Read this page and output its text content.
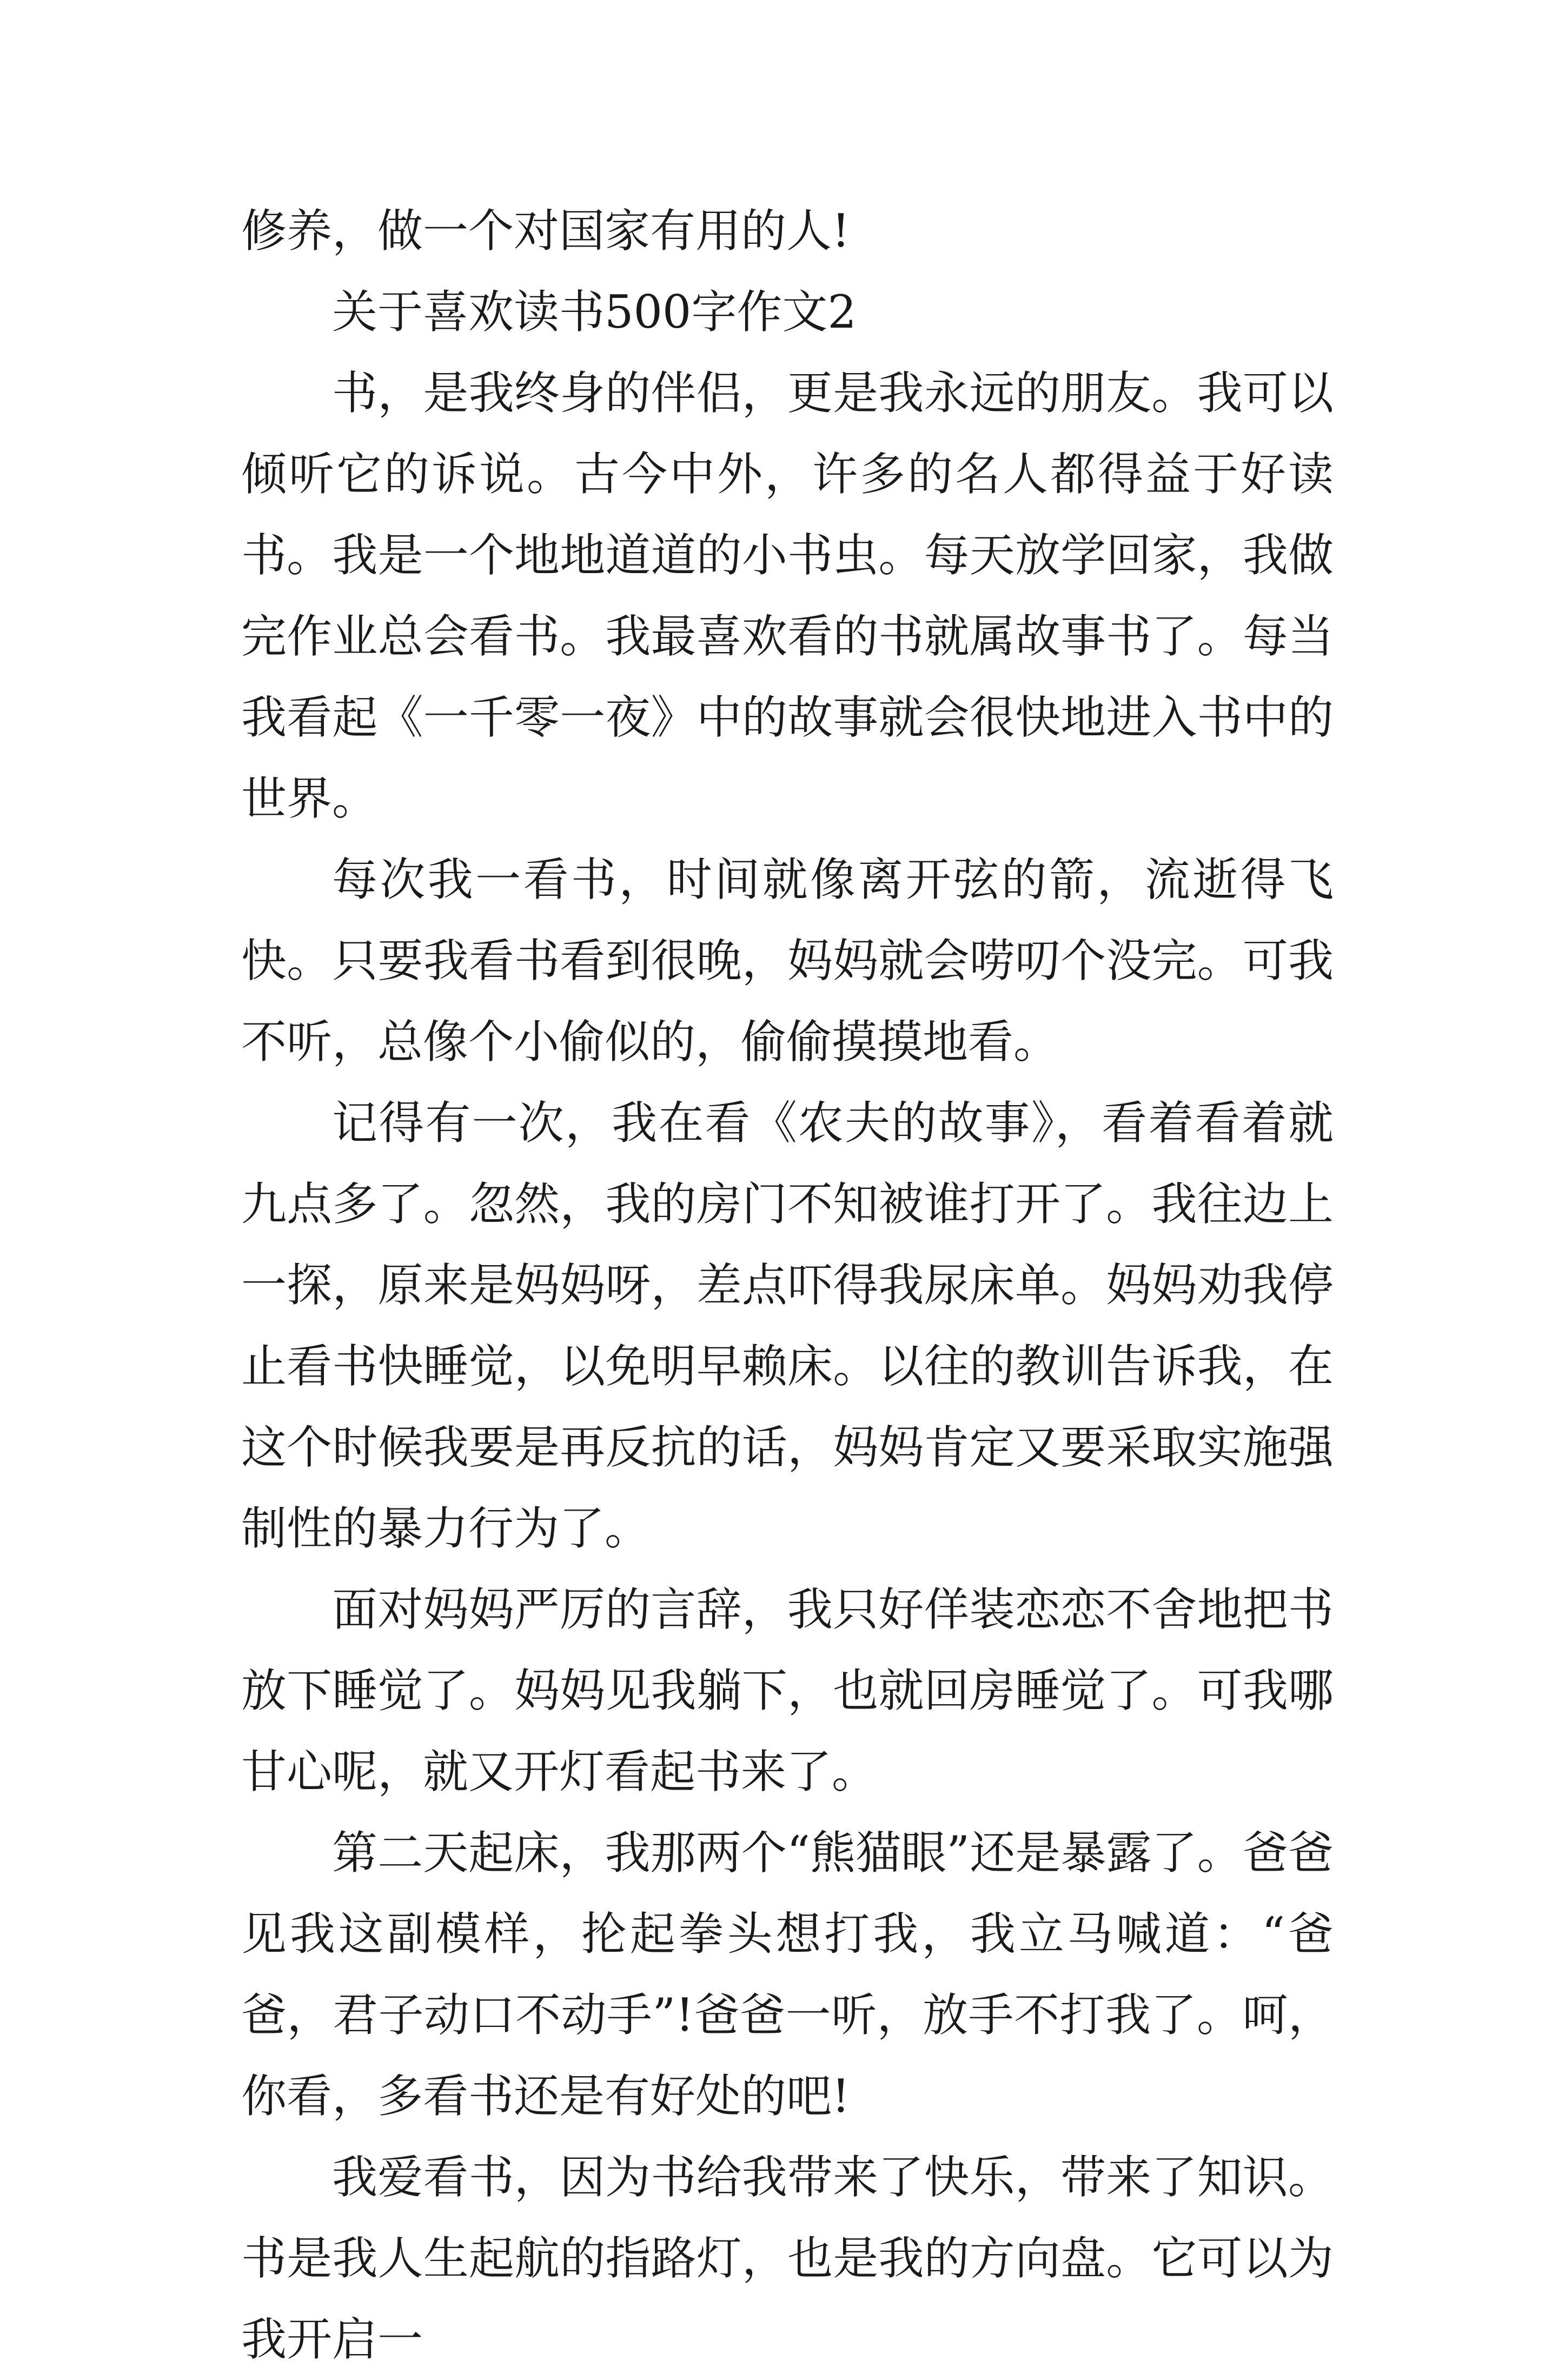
修养，做一个对国家有用的人!

关于喜欢读书500字作文2

书，是我终身的伴侣，更是我永远的朋友。我可以倾听它的诉说。古今中外，许多的名人都得益于好读书。我是一个地地道道的小书虫。每天放学回家，我做完作业总会看书。我最喜欢看的书就属故事书了。每当我看起《一千零一夜》中的故事就会很快地进入书中的世界。

每次我一看书，时间就像离开弦的箭，流逝得飞快。只要我看书看到很晚，妈妈就会唠叨个没完。可我不听，总像个小偷似的，偷偷摸摸地看。

记得有一次，我在看《农夫的故事》，看着看着就九点多了。忽然，我的房门不知被谁打开了。我往边上一探，原来是妈妈呀，差点吓得我尿床单。妈妈劝我停止看书快睡觉，以免明早赖床。以往的教训告诉我，在这个时候我要是再反抗的话，妈妈肯定又要采取实施强制性的暴力行为了。

面对妈妈严厉的言辞，我只好佯装恋恋不舍地把书放下睡觉了。妈妈见我躺下，也就回房睡觉了。可我哪甘心呢，就又开灯看起书来了。

第二天起床，我那两个“熊猫眼”还是暴露了。爸爸见我这副模样，抡起拳头想打我，我立马喊道：“爸爸，君子动口不动手”!爸爸一听，放手不打我了。呵，你看，多看书还是有好处的吧!

我爱看书，因为书给我带来了快乐，带来了知识。书是我人生起航的指路灯，也是我的方向盘。它可以为我开启一
